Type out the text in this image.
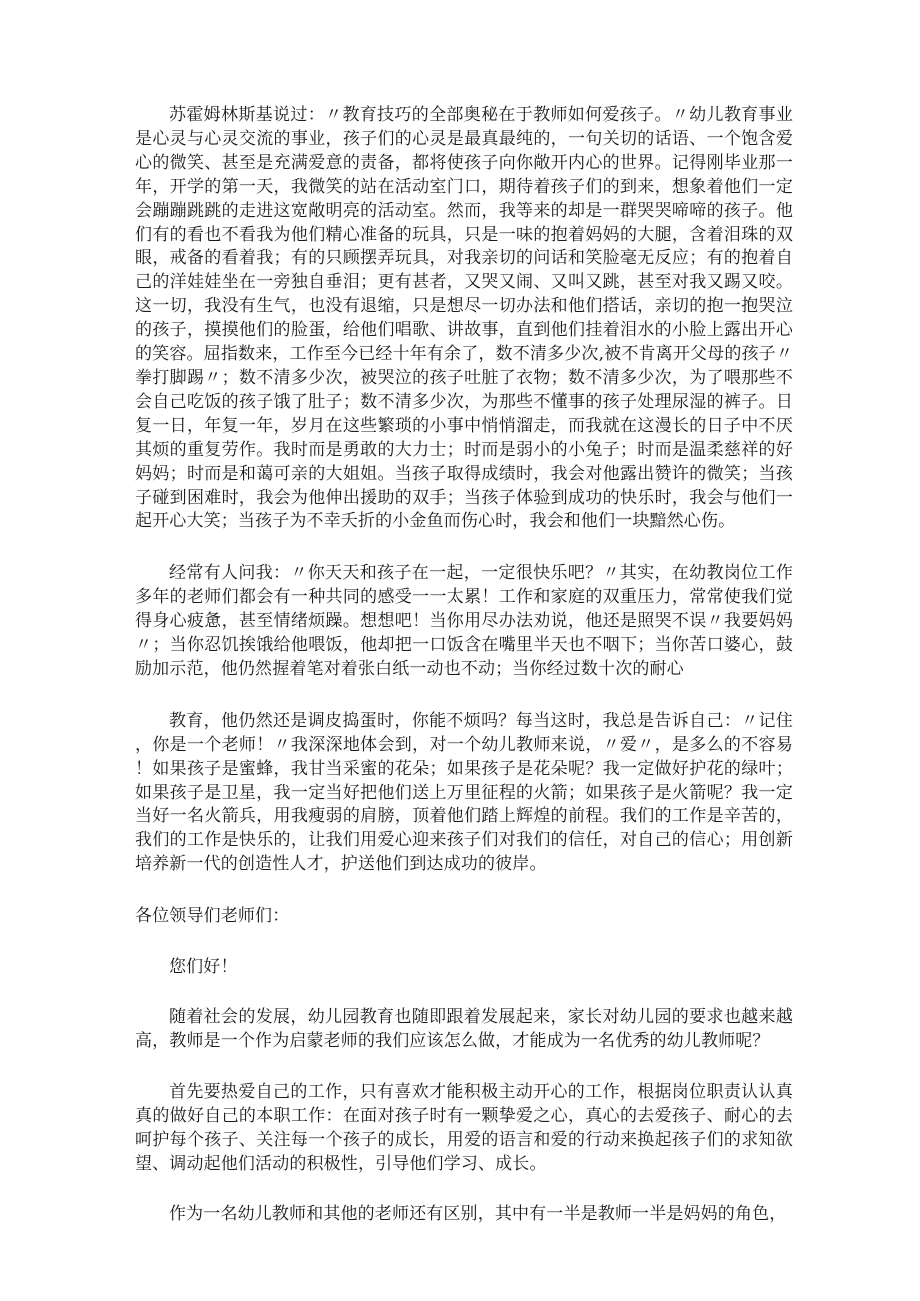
苏霍姆林斯基说过：〃教育技巧的全部奥秘在于教师如何爱孩子。〃幼儿教育事业是心灵与心灵交流的事业，孩子们的心灵是最真最纯的，一句关切的话语、一个饱含爱心的微笑、甚至是充满爱意的责备，都将使孩子向你敞开内心的世界。记得刚毕业那一年，开学的第一天，我微笑的站在活动室门口，期待着孩子们的到来，想象着他们一定会蹦蹦跳跳的走进这宽敞明亮的活动室。然而，我等来的却是一群哭哭啼啼的孩子。他们有的看也不看我为他们精心准备的玩具，只是一味的抱着妈妈的大腿，含着泪珠的双眼，戒备的看着我；有的只顾摆弄玩具，对我亲切的问话和笑脸毫无反应；有的抱着自己的洋娃娃坐在一旁独自垂泪；更有甚者，又哭又闹、又叫又跳，甚至对我又踢又咬。这一切，我没有生气，也没有退缩，只是想尽一切办法和他们搭话，亲切的抱一抱哭泣的孩子，摸摸他们的脸蛋，给他们唱歌、讲故事，直到他们挂着泪水的小脸上露出开心的笑容。屈指数来，工作至今已经十年有余了，数不清多少次,被不肯离开父母的孩子〃拳打脚踢〃；数不清多少次，被哭泣的孩子吐脏了衣物；数不清多少次，为了喂那些不会自己吃饭的孩子饿了肚子；数不清多少次，为那些不懂事的孩子处理尿湿的裤子。日复一日，年复一年，岁月在这些繁琐的小事中悄悄溜走，而我就在这漫长的日子中不厌其烦的重复劳作。我时而是勇敢的大力士；时而是弱小的小兔子；时而是温柔慈祥的好妈妈；时而是和蔼可亲的大姐姐。当孩子取得成绩时，我会对他露出赞许的微笑；当孩子碰到困难时，我会为他伸出援助的双手；当孩子体验到成功的快乐时，我会与他们一起开心大笑；当孩子为不幸夭折的小金鱼而伤心时，我会和他们一块黯然心伤。

经常有人问我：〃你天天和孩子在一起，一定很快乐吧？〃其实，在幼教岗位工作多年的老师们都会有一种共同的感受一一太累！工作和家庭的双重压力，常常使我们觉得身心疲惫，甚至情绪烦躁。想想吧！当你用尽办法劝说，他还是照哭不误〃我要妈妈〃；当你忍饥挨饿给他喂饭，他却把一口饭含在嘴里半天也不咽下；当你苦口婆心，鼓励加示范，他仍然握着笔对着张白纸一动也不动；当你经过数十次的耐心

教育，他仍然还是调皮捣蛋时，你能不烦吗？每当这时，我总是告诉自己：〃记住，你是一个老师！〃我深深地体会到，对一个幼儿教师来说，〃爱〃，是多么的不容易！如果孩子是蜜蜂，我甘当采蜜的花朵；如果孩子是花朵呢？我一定做好护花的绿叶；如果孩子是卫星，我一定当好把他们送上万里征程的火箭；如果孩子是火箭呢？我一定当好一名火箭兵，用我瘦弱的肩膀，顶着他们踏上辉煌的前程。我们的工作是辛苦的，我们的工作是快乐的，让我们用爱心迎来孩子们对我们的信任，对自己的信心；用创新培养新一代的创造性人才，护送他们到达成功的彼岸。

各位领导们老师们：

您们好！

随着社会的发展，幼儿园教育也随即跟着发展起来，家长对幼儿园的要求也越来越高，教师是一个作为启蒙老师的我们应该怎么做，才能成为一名优秀的幼儿教师呢？

首先要热爱自己的工作，只有喜欢才能积极主动开心的工作，根据岗位职责认认真真的做好自己的本职工作：在面对孩子时有一颗挚爱之心，真心的去爱孩子、耐心的去呵护每个孩子、关注每一个孩子的成长，用爱的语言和爱的行动来换起孩子们的求知欲望、调动起他们活动的积极性，引导他们学习、成长。

作为一名幼儿教师和其他的老师还有区别，其中有一半是教师一半是妈妈的角色，
